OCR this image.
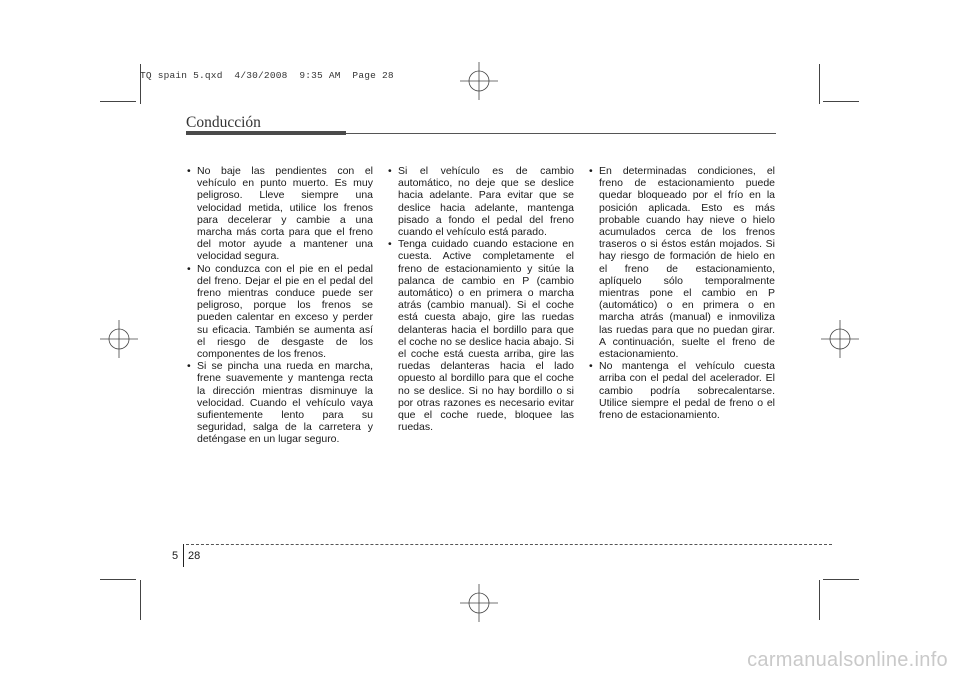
TQ spain 5.qxd  4/30/2008  9:35 AM  Page 28
Conducción
• No baje las pendientes con el vehículo en punto muerto. Es muy peligroso. Lleve siempre una velocidad metida, utilice los frenos para decelerar y cambie a una marcha más corta para que el freno del motor ayude a mantener una velocidad segura.
• No conduzca con el pie en el pedal del freno. Dejar el pie en el pedal del freno mientras conduce puede ser peligroso, porque los frenos se pueden calentar en exceso y perder su eficacia. También se aumenta así el riesgo de desgaste de los componentes de los frenos.
• Si se pincha una rueda en marcha, frene suavemente y mantenga recta la dirección mientras disminuye la velocidad. Cuando el vehículo vaya sufientemente lento para su seguridad, salga de la carretera y deténgase en un lugar seguro.
• Si el vehículo es de cambio automático, no deje que se deslice hacia adelante. Para evitar que se deslice hacia adelante, mantenga pisado a fondo el pedal del freno cuando el vehículo está parado.
• Tenga cuidado cuando estacione en cuesta. Active completamente el freno de estacionamiento y sitúe la palanca de cambio en P (cambio automático) o en primera o marcha atrás (cambio manual). Si el coche está cuesta abajo, gire las ruedas delanteras hacia el bordillo para que el coche no se deslice hacia abajo. Si el coche está cuesta arriba, gire las ruedas delanteras hacia el lado opuesto al bordillo para que el coche no se deslice. Si no hay bordillo o si por otras razones es necesario evitar que el coche ruede, bloquee las ruedas.
• En determinadas condiciones, el freno de estacionamiento puede quedar bloqueado por el frío en la posición aplicada. Esto es más probable cuando hay nieve o hielo acumulados cerca de los frenos traseros o si éstos están mojados. Si hay riesgo de formación de hielo en el freno de estacionamiento, aplíquelo sólo temporalmente mientras pone el cambio en P (automático) o en primera o en marcha atrás (manual) e inmoviliza las ruedas para que no puedan girar. A continuación, suelte el freno de estacionamiento.
• No mantenga el vehículo cuesta arriba con el pedal del acelerador. El cambio podría sobrecalentarse. Utilice siempre el pedal de freno o el freno de estacionamiento.
5 28
carmanualsonline.info
